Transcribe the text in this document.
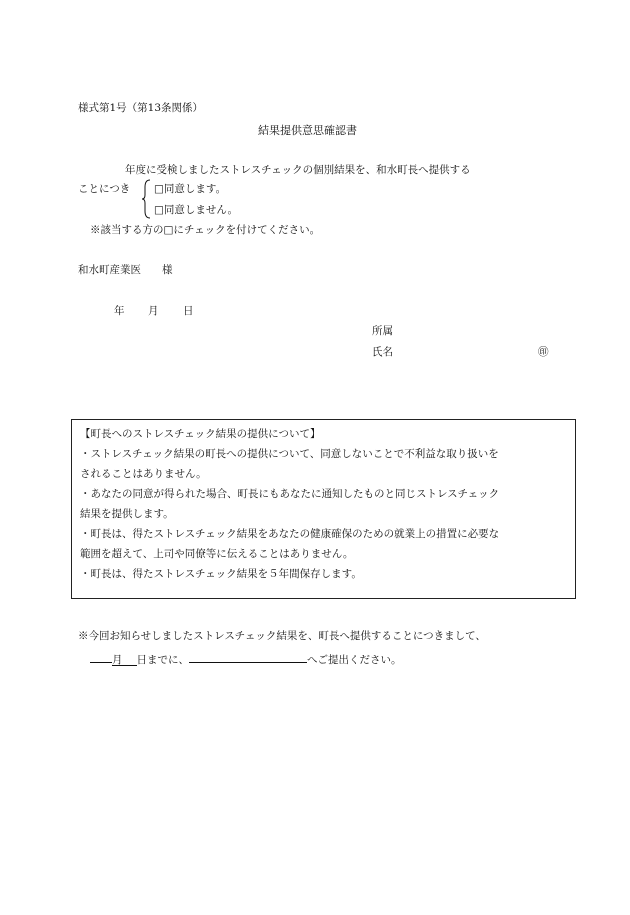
様式第1号（第13条関係）
結果提供意思確認書
年度に受検しましたストレスチェックの個別結果を、和水町長へ提供する
ことにつき □同意します。
□同意しません。
※該当する方の□にチェックを付けてください。
和水町産業医　　様
年 月 日
所属
氏名	㊞
【町長へのストレスチェック結果の提供について】
・ストレスチェック結果の町長への提供について、同意しないことで不利益な取り扱いを
されることはありません。
・あなたの同意が得られた場合、町長にもあなたに通知したものと同じストレスチェック
結果を提供します。
・町長は、得たストレスチェック結果をあなたの健康確保のための就業上の措置に必要な
範囲を超えて、上司や同僚等に伝えることはありません。
・町長は、得たストレスチェック結果を５年間保存します。
※今回お知らせしましたストレスチェック結果を、町長へ提供することにつきまして、
月 日までに、	へご提出ください。
